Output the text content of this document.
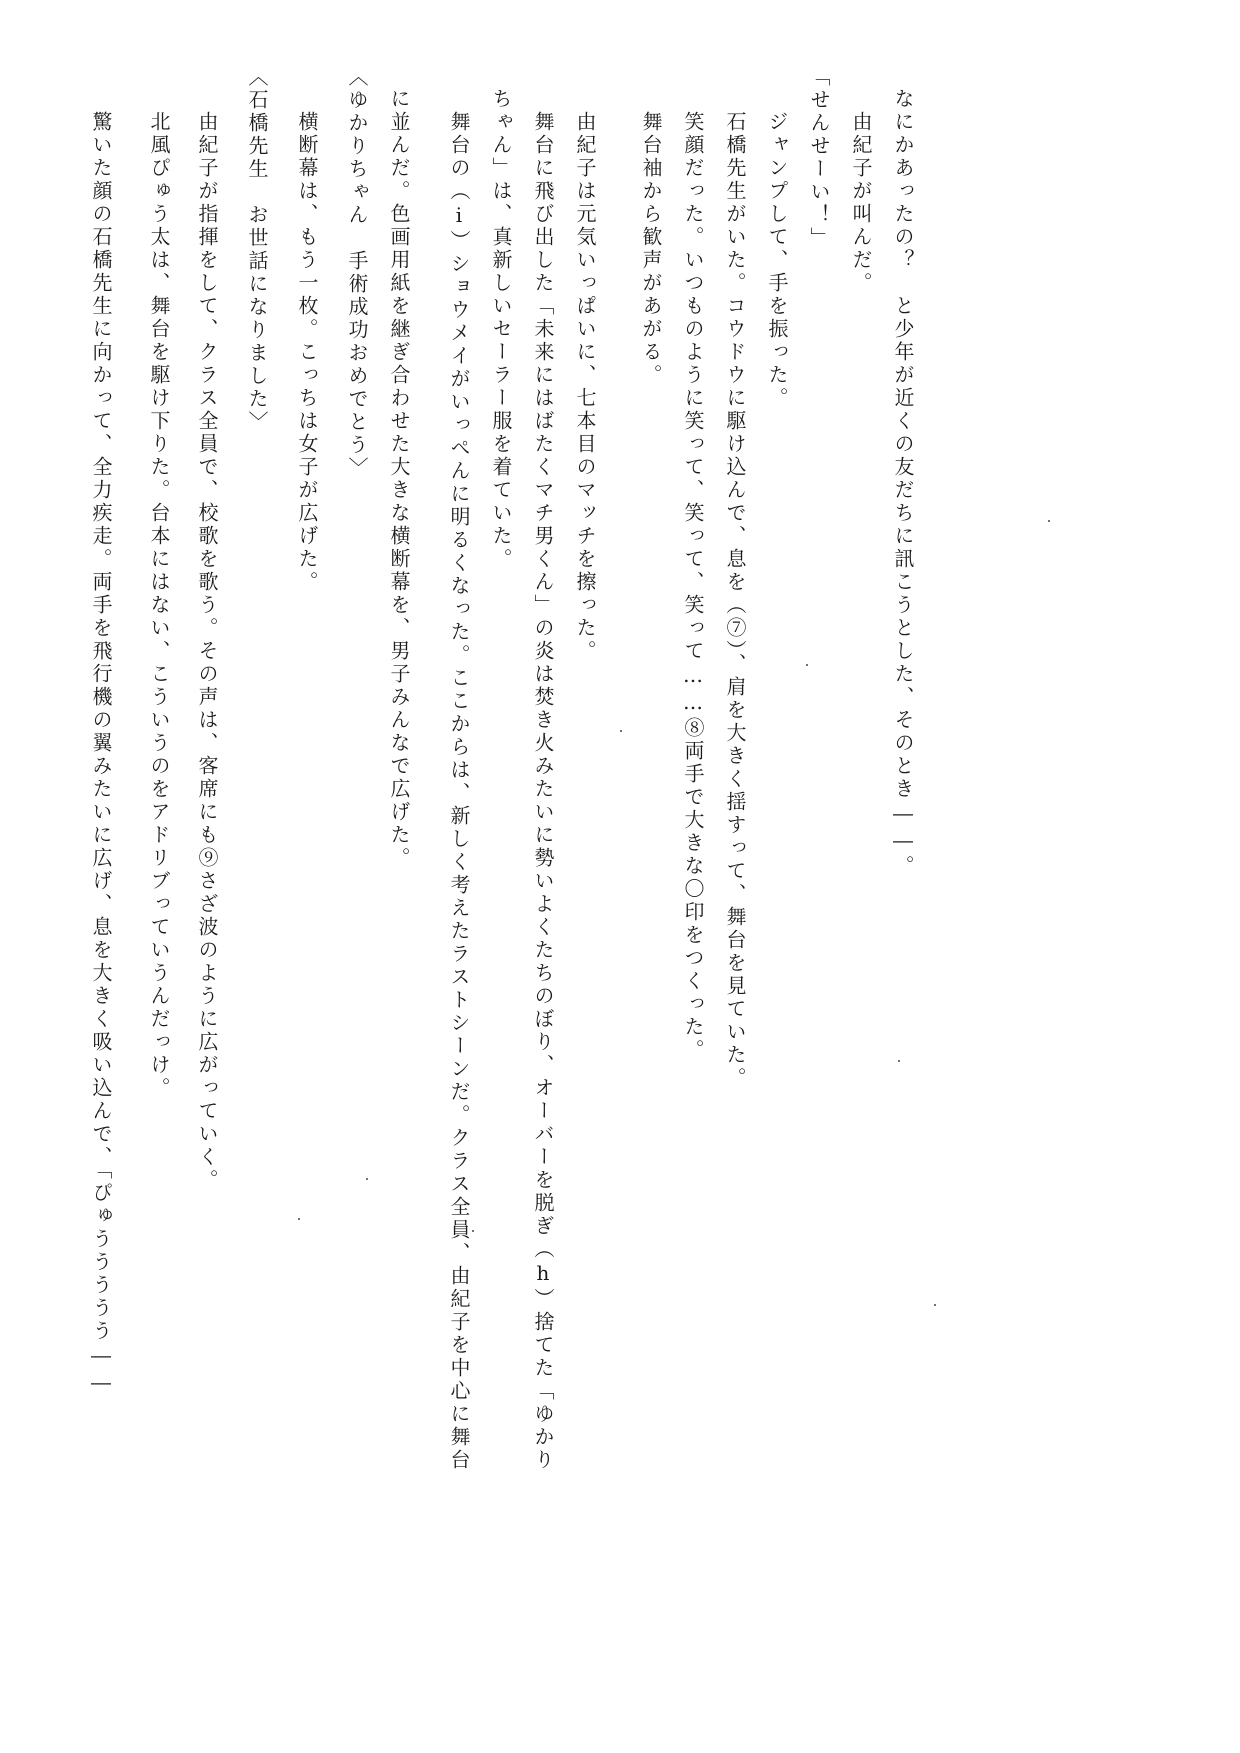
なにかあったの？　と少年が近くの友だちに訊こうとした、そのとき――。
　由紀子が叫んだ。
「せんせーい！」
　ジャンプして、手を振った。
　石橋先生がいた。コウドウに駆け込んで、息を（⑦）、肩を大きく揺すって、舞台を見ていた。
　笑顔だった。いつものように笑って、笑って、笑って……⑧両手で大きな〇印をつくった。
　舞台袖から歓声があがる。
　由紀子は元気いっぱいに、七本目のマッチを擦った。
　舞台に飛び出した「未来にはばたくマチ男くん」の炎は焚き火みたいに勢いよくたちのぼり、オーバーを脱ぎ（h）捨てた「ゆかり
ちゃん」は、真新しいセーラー服を着ていた。
　舞台の（i）ショウメイがいっぺんに明るくなった。ここからは、新しく考えたラストシーンだ。クラス全員、由紀子を中心に舞台
に並んだ。色画用紙を継ぎ合わせた大きな横断幕を、男子みんなで広げた。
〈ゆかりちゃん　手術成功おめでとう〉
　横断幕は、もう一枚。こっちは女子が広げた。
〈石橋先生　お世話になりました〉
　由紀子が指揮をして、クラス全員で、校歌を歌う。その声は、客席にも⑨さざ波のように広がっていく。
　北風ぴゅう太は、舞台を駆け下りた。台本にはない、こういうのをアドリブっていうんだっけ。
　驚いた顔の石橋先生に向かって、全力疾走。両手を飛行機の翼みたいに広げ、息を大きく吸い込んで、「ぴゅううううう――
